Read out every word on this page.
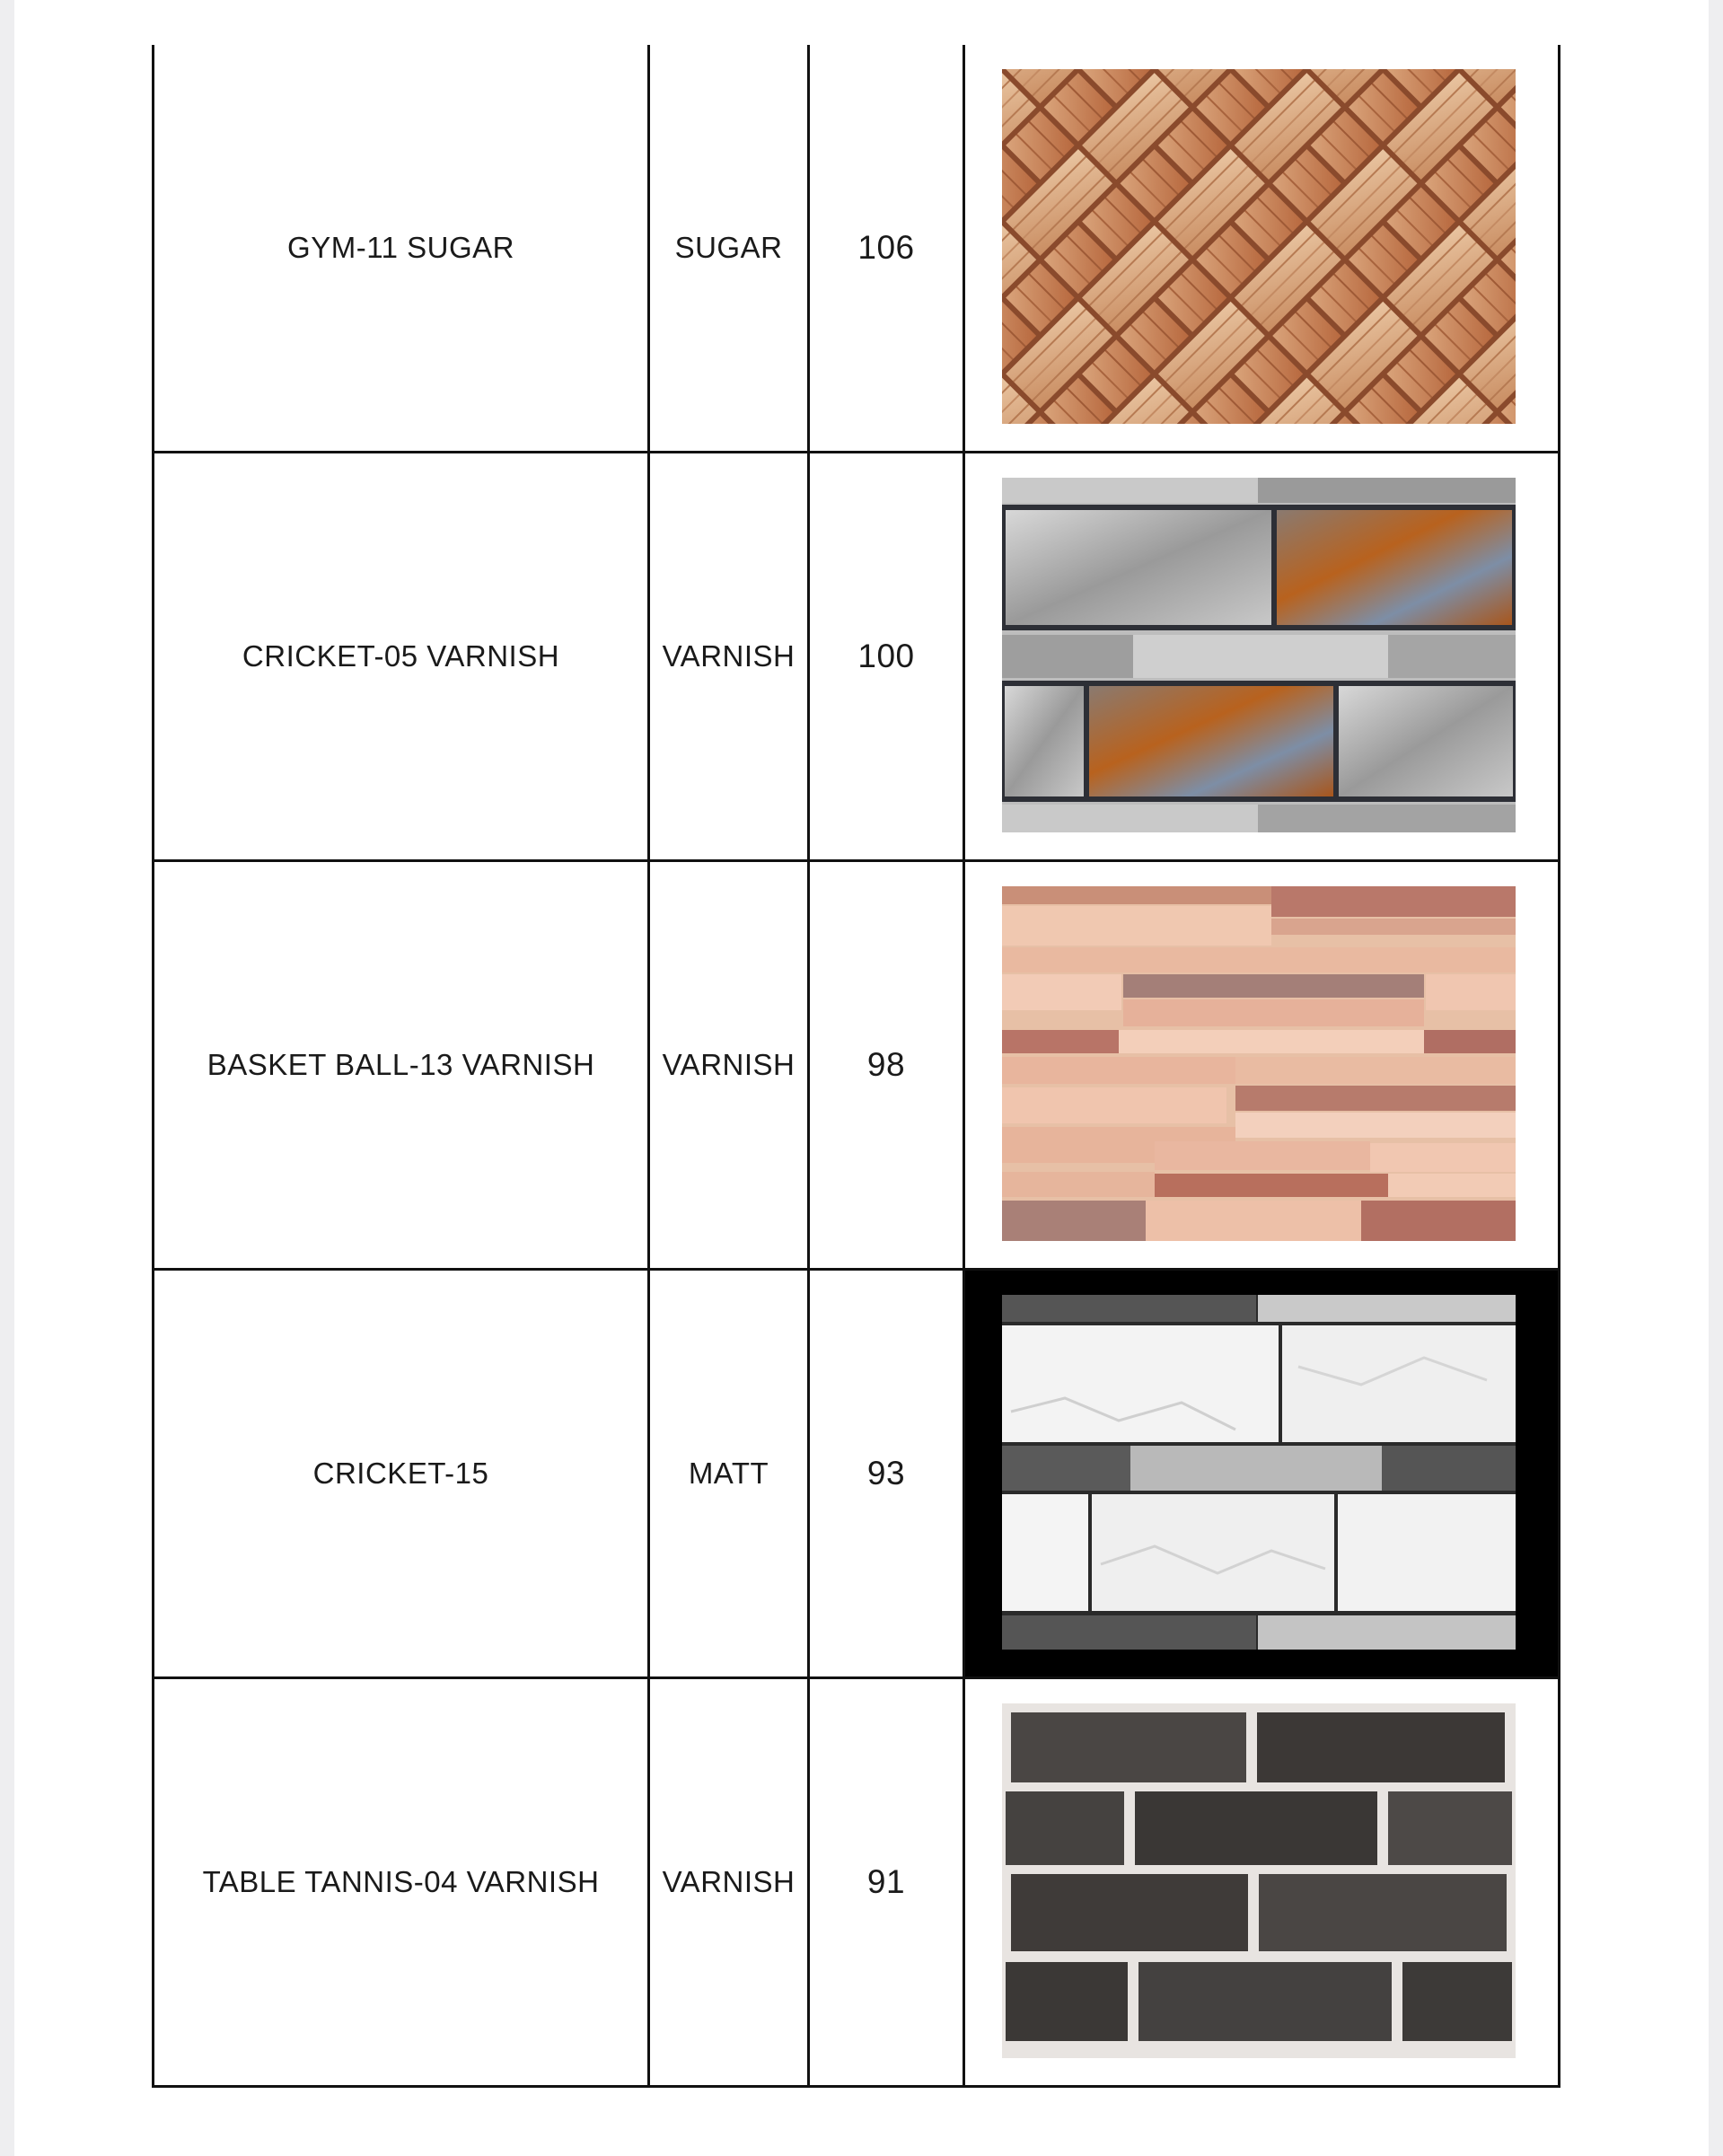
GYM-11 SUGAR	SUGAR	106	

CRICKET-05 VARNISH	VARNISH	100	

BASKET BALL-13 VARNISH	VARNISH	98	

CRICKET-15	MATT	93	

TABLE TANNIS-04 VARNISH	VARNISH	91	
